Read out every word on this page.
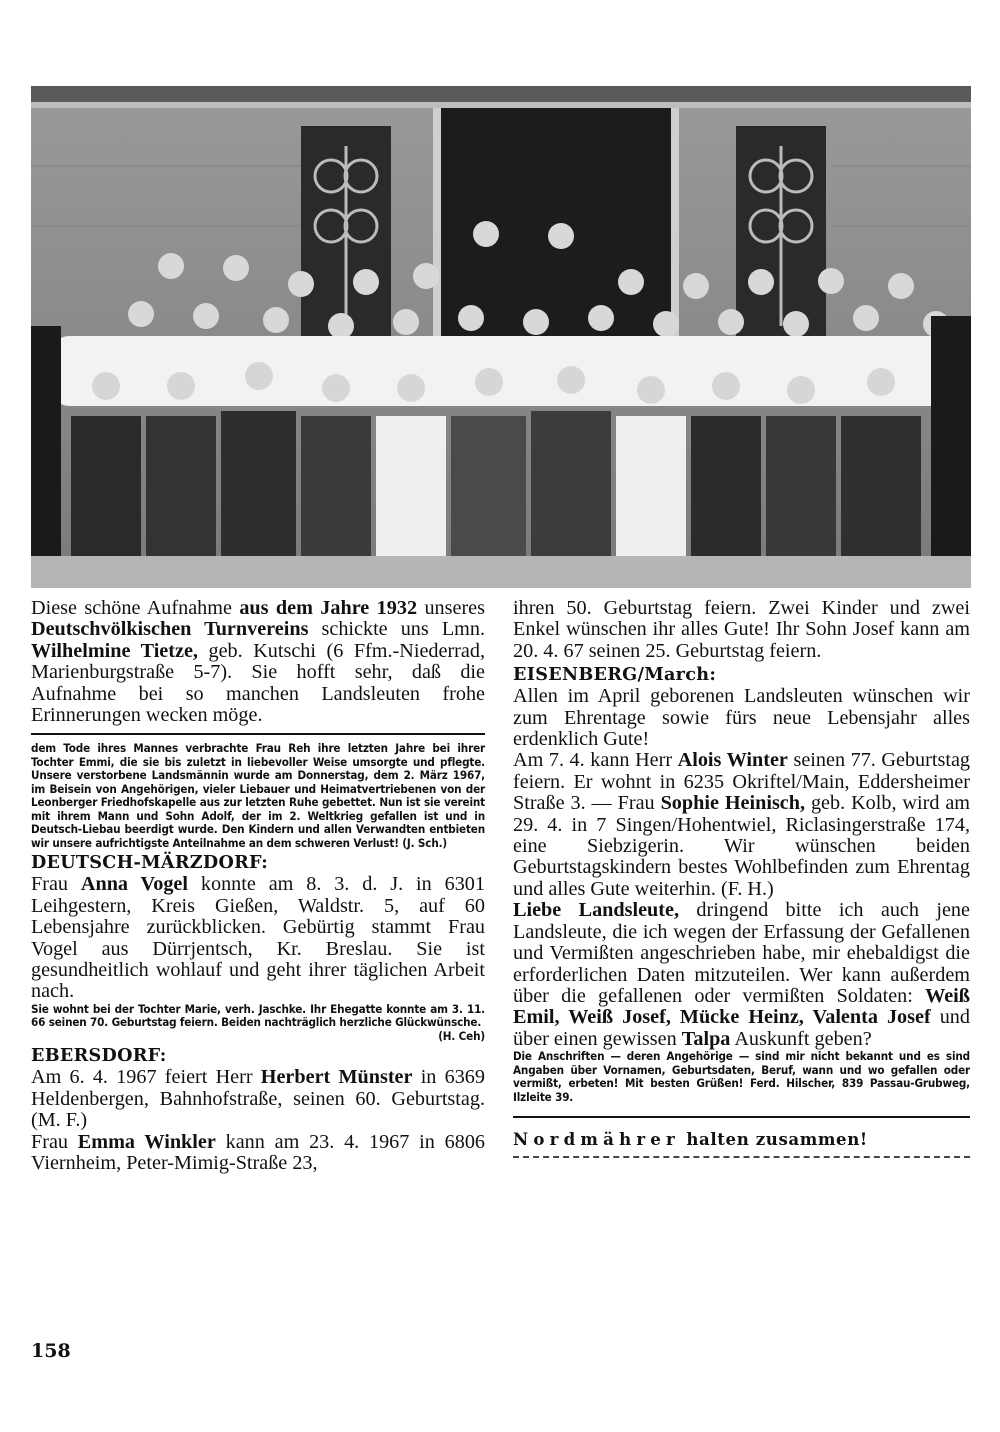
Diese schöne Aufnahme aus dem Jahre 1932 unseres Deutschvölkischen Turnvereins schickte uns Lmn. Wilhelmine Tietze, geb. Kutschi (6 Ffm.-Niederrad, Marienburgstraße 5-7). Sie hofft sehr, daß die Aufnahme bei so manchen Landsleuten frohe Erinnerungen wecken möge.

dem Tode ihres Mannes verbrachte Frau Reh ihre letzten Jahre bei ihrer Tochter Emmi, die sie bis zuletzt in liebevoller Weise umsorgte und pflegte. Unsere verstorbene Landsmännin wurde am Donnerstag, dem 2. März 1967, im Beisein von Angehörigen, vieler Liebauer und Heimatvertriebenen von der Leonberger Friedhofskapelle aus zur letzten Ruhe gebettet. Nun ist sie vereint mit ihrem Mann und Sohn Adolf, der im 2. Weltkrieg gefallen ist und in Deutsch-Liebau beerdigt wurde. Den Kindern und allen Verwandten entbieten wir unsere aufrichtigste Anteilnahme an dem schweren Verlust! (J. Sch.)

DEUTSCH-MÄRZDORF:

Frau Anna Vogel konnte am 8. 3. d. J. in 6301 Leihgestern, Kreis Gießen, Waldstr. 5, auf 60 Lebensjahre zurückblicken. Gebürtig stammt Frau Vogel aus Dürrjentsch, Kr. Breslau. Sie ist gesundheitlich wohlauf und geht ihrer täglichen Arbeit nach.

Sie wohnt bei der Tochter Marie, verh. Jaschke. Ihr Ehegatte konnte am 3. 11. 66 seinen 70. Geburtstag feiern. Beiden nachträglich herzliche Glückwünsche.

(H. Ceh)

EBERSDORF:

Am 6. 4. 1967 feiert Herr Herbert Münster in 6369 Heldenbergen, Bahnhofstraße, seinen 60. Geburtstag. (M. F.)

Frau Emma Winkler kann am 23. 4. 1967 in 6806 Viernheim, Peter-Mimig-Straße 23,

ihren 50. Geburtstag feiern. Zwei Kinder und zwei Enkel wünschen ihr alles Gute! Ihr Sohn Josef kann am 20. 4. 67 seinen 25. Geburtstag feiern.

EISENBERG/March:

Allen im April geborenen Landsleuten wünschen wir zum Ehrentage sowie fürs neue Lebensjahr alles erdenklich Gute!

Am 7. 4. kann Herr Alois Winter seinen 77. Geburtstag feiern. Er wohnt in 6235 Okriftel/Main, Eddersheimer Straße 3. — Frau Sophie Heinisch, geb. Kolb, wird am 29. 4. in 7 Singen/Hohentwiel, Riclasingerstraße 174, eine Siebzigerin. Wir wünschen beiden Geburtstagskindern bestes Wohlbefinden zum Ehrentag und alles Gute weiterhin. (F. H.)

Liebe Landsleute, dringend bitte ich auch jene Landsleute, die ich wegen der Erfassung der Gefallenen und Vermißten angeschrieben habe, mir ehebaldigst die erforderlichen Daten mitzuteilen. Wer kann außerdem über die gefallenen oder vermißten Soldaten: Weiß Emil, Weiß Josef, Mücke Heinz, Valenta Josef und über einen gewissen Talpa Auskunft geben?

Die Anschriften — deren Angehörige — sind mir nicht bekannt und es sind Angaben über Vornamen, Geburtsdaten, Beruf, wann und wo gefallen oder vermißt, erbeten! Mit besten Grüßen! Ferd. Hilscher, 839 Passau-Grubweg, Ilzleite 39.

Nordmährer halten zusammen!

158
